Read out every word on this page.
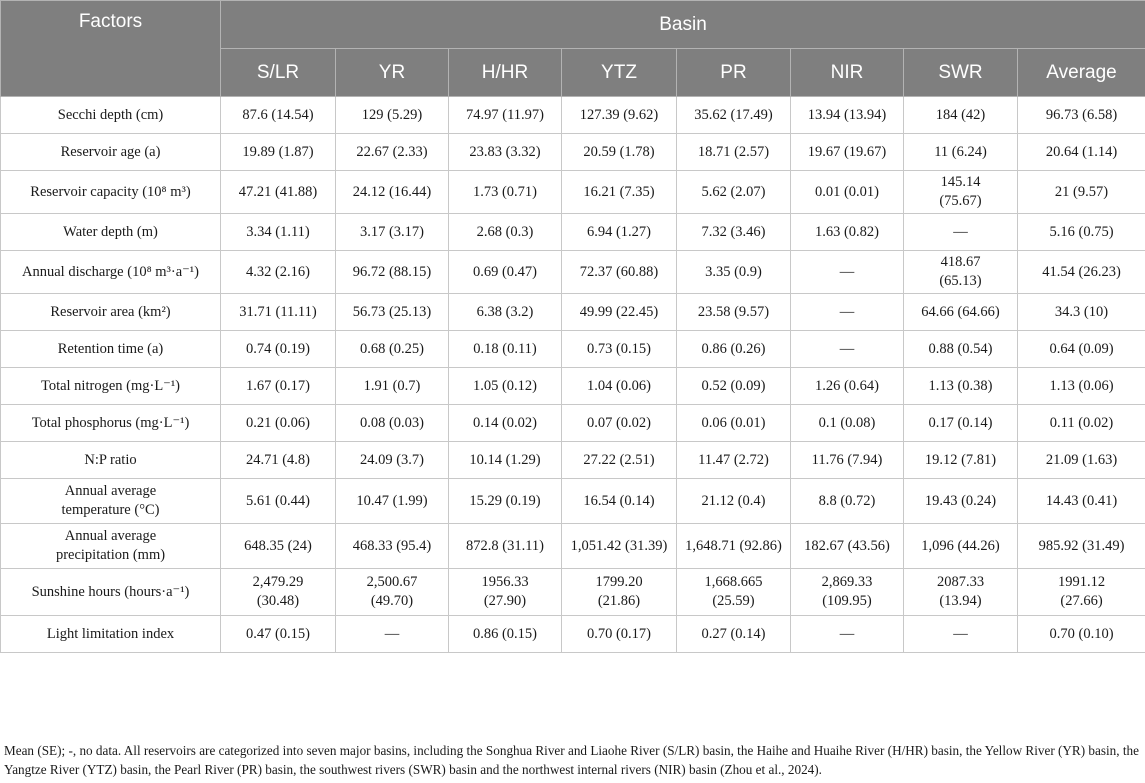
Factors	Basin							
	S/LR	YR	H/HR	YTZ	PR	NIR	SWR	Average
Secchi depth (cm)	87.6 (14.54)	129 (5.29)	74.97 (11.97)	127.39 (9.62)	35.62 (17.49)	13.94 (13.94)	184 (42)	96.73 (6.58)
Reservoir age (a)	19.89 (1.87)	22.67 (2.33)	23.83 (3.32)	20.59 (1.78)	18.71 (2.57)	19.67 (19.67)	11 (6.24)	20.64 (1.14)
Reservoir capacity (10⁸ m³)	47.21 (41.88)	24.12 (16.44)	1.73 (0.71)	16.21 (7.35)	5.62 (2.07)	0.01 (0.01)	145.14 (75.67)	21 (9.57)
Water depth (m)	3.34 (1.11)	3.17 (3.17)	2.68 (0.3)	6.94 (1.27)	7.32 (3.46)	1.63 (0.82)	—	5.16 (0.75)
Annual discharge (10⁸ m³·a⁻¹)	4.32 (2.16)	96.72 (88.15)	0.69 (0.47)	72.37 (60.88)	3.35 (0.9)	—	418.67 (65.13)	41.54 (26.23)
Reservoir area (km²)	31.71 (11.11)	56.73 (25.13)	6.38 (3.2)	49.99 (22.45)	23.58 (9.57)	—	64.66 (64.66)	34.3 (10)
Retention time (a)	0.74 (0.19)	0.68 (0.25)	0.18 (0.11)	0.73 (0.15)	0.86 (0.26)	—	0.88 (0.54)	0.64 (0.09)
Total nitrogen (mg·L⁻¹)	1.67 (0.17)	1.91 (0.7)	1.05 (0.12)	1.04 (0.06)	0.52 (0.09)	1.26 (0.64)	1.13 (0.38)	1.13 (0.06)
Total phosphorus (mg·L⁻¹)	0.21 (0.06)	0.08 (0.03)	0.14 (0.02)	0.07 (0.02)	0.06 (0.01)	0.1 (0.08)	0.17 (0.14)	0.11 (0.02)
N:P ratio	24.71 (4.8)	24.09 (3.7)	10.14 (1.29)	27.22 (2.51)	11.47 (2.72)	11.76 (7.94)	19.12 (7.81)	21.09 (1.63)
Annual average temperature (°C)	5.61 (0.44)	10.47 (1.99)	15.29 (0.19)	16.54 (0.14)	21.12 (0.4)	8.8 (0.72)	19.43 (0.24)	14.43 (0.41)
Annual average precipitation (mm)	648.35 (24)	468.33 (95.4)	872.8 (31.11)	1,051.42 (31.39)	1,648.71 (92.86)	182.67 (43.56)	1,096 (44.26)	985.92 (31.49)
Sunshine hours (hours·a⁻¹)	2,479.29 (30.48)	2,500.67 (49.70)	1956.33 (27.90)	1799.20 (21.86)	1,668.665 (25.59)	2,869.33 (109.95)	2087.33 (13.94)	1991.12 (27.66)
Light limitation index	0.47 (0.15)	—	0.86 (0.15)	0.70 (0.17)	0.27 (0.14)	—	—	0.70 (0.10)
Mean (SE); -, no data. All reservoirs are categorized into seven major basins, including the Songhua River and Liaohe River (S/LR) basin, the Haihe and Huaihe River (H/HR) basin, the Yellow River (YR) basin, the Yangtze River (YTZ) basin, the Pearl River (PR) basin, the southwest rivers (SWR) basin and the northwest internal rivers (NIR) basin (Zhou et al., 2024).
